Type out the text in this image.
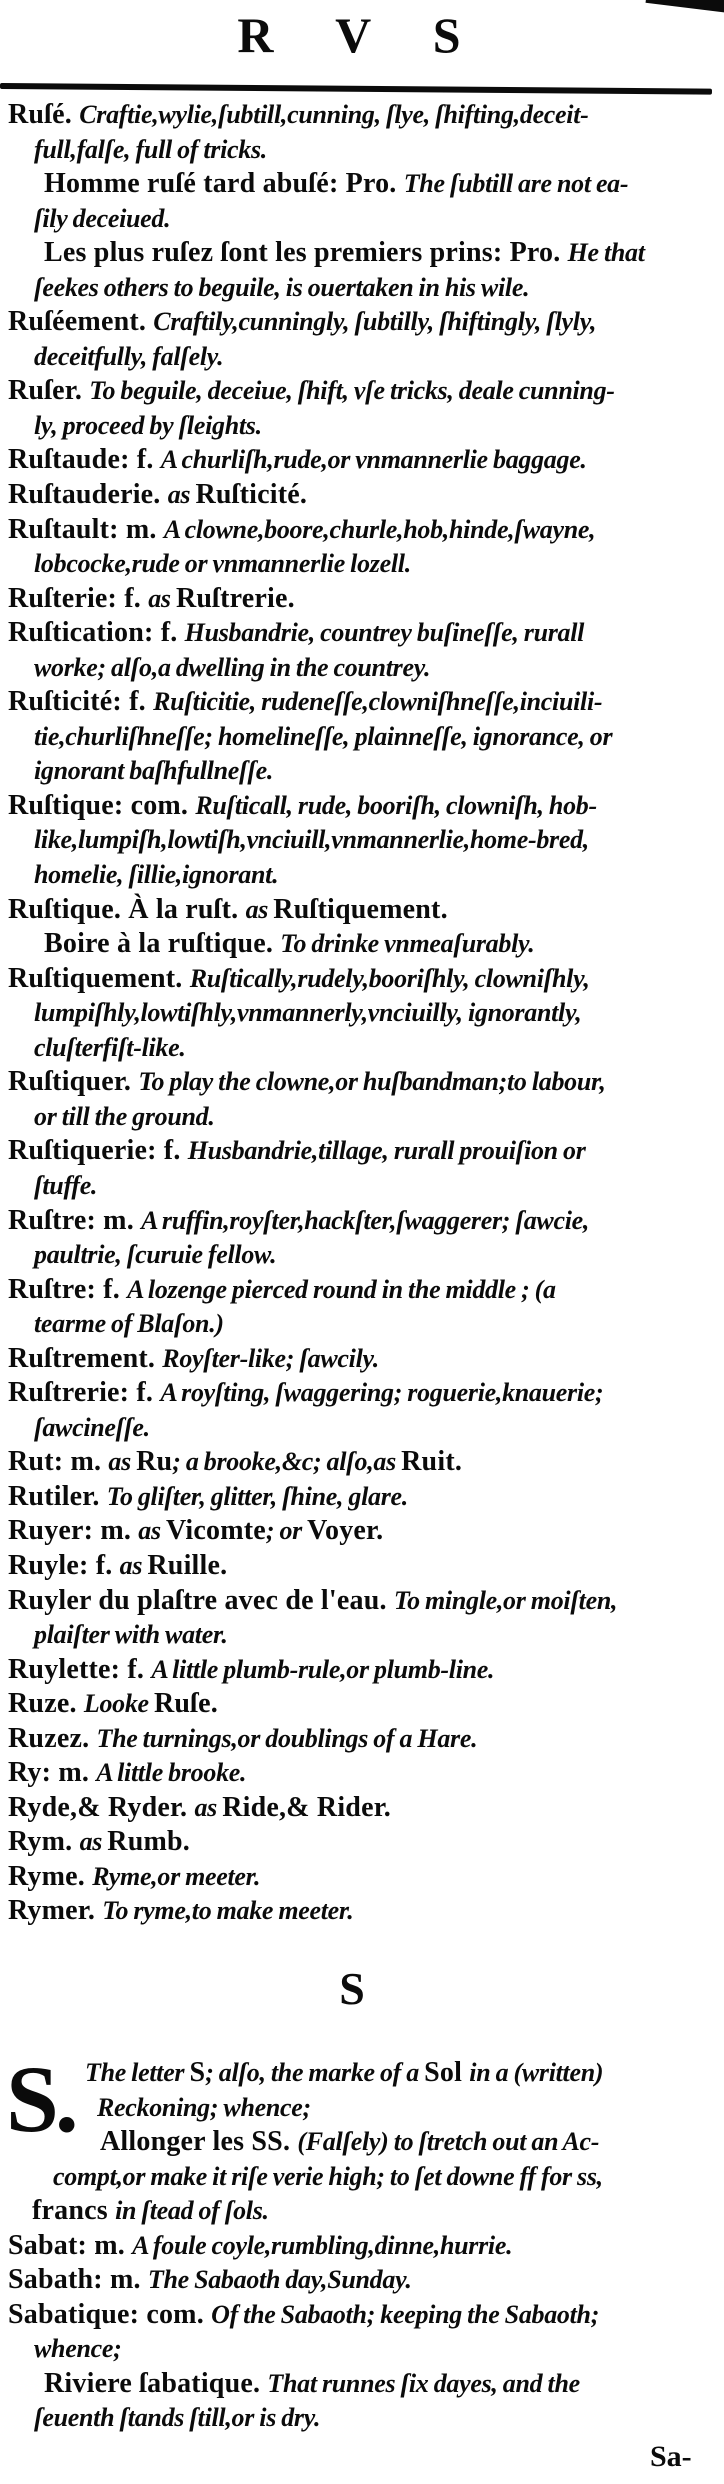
R V S
Ruſé. Craftie,wylie,ſubtill,cunning, ſlye, ſhifting,deceit-
full,falſe, full of tricks.
Homme ruſé tard abuſé: Pro. The ſubtill are not ea-
ſily deceiued.
Les plus ruſez ſont les premiers prins: Pro. He that
ſeekes others to beguile, is ouertaken in his wile.
Ruſéement. Craftily,cunningly, ſubtilly, ſhiftingly, ſlyly,
deceitfully, falſely.
Ruſer. To beguile, deceiue, ſhift, vſe tricks, deale cunning-
ly, proceed by ſleights.
Ruſtaude: f. A churliſh,rude,or vnmannerlie baggage.
Ruſtauderie. as Ruſticité.
Ruſtault: m. A clowne,boore,churle,hob,hinde,ſwayne,
lobcocke,rude or vnmannerlie lozell.
Ruſterie: f. as Ruſtrerie.
Ruſtication: f. Husbandrie, countrey buſineſſe, rurall
worke; alſo,a dwelling in the countrey.
Ruſticité: f. Ruſticitie, rudeneſſe,clowniſhneſſe,inciuili-
tie,churliſhneſſe; homelineſſe, plainneſſe, ignorance, or
ignorant baſhfullneſſe.
Ruſtique: com. Ruſticall, rude, booriſh, clowniſh, hob-
like,lumpiſh,lowtiſh,vnciuill,vnmannerlie,home-bred,
homelie, ſillie,ignorant.
Ruſtique. À la ruſt. as Ruſtiquement.
Boire à la ruſtique. To drinke vnmeaſurably.
Ruſtiquement. Ruſtically,rudely,booriſhly, clowniſhly,
lumpiſhly,lowtiſhly,vnmannerly,vnciuilly, ignorantly,
cluſterfiſt-like.
Ruſtiquer. To play the clowne,or huſbandman;to labour,
or till the ground.
Ruſtiquerie: f. Husbandrie,tillage, rurall prouiſion or
ſtuffe.
Ruſtre: m. A ruffin,royſter,hackſter,ſwaggerer; ſawcie,
paultrie, ſcuruie fellow.
Ruſtre: f. A lozenge pierced round in the middle ; (a
tearme of Blaſon.)
Ruſtrement. Royſter-like; ſawcily.
Ruſtrerie: f. A royſting, ſwaggering; roguerie,knauerie;
ſawcineſſe.
Rut: m. as Ru; a brooke,&c; alſo,as Ruit.
Rutiler. To gliſter, glitter, ſhine, glare.
Ruyer: m. as Vicomte; or Voyer.
Ruyle: f. as Ruille.
Ruyler du plaſtre avec de l'eau. To mingle,or moiſten,
plaiſter with water.
Ruylette: f. A little plumb-rule,or plumb-line.
Ruze. Looke Ruſe.
Ruzez. The turnings,or doublings of a Hare.
Ry: m. A little brooke.
Ryde,& Ryder. as Ride,& Rider.
Rym. as Rumb.
Ryme. Ryme,or meeter.
Rymer. To ryme,to make meeter.
S
S. The letter S; alſo, the marke of a Sol in a (written)
Reckoning; whence;
Allonger les SS. (Falſely) to ſtretch out an Ac-
compt,or make it riſe verie high; to ſet downe ff for ss,
francs in ſtead of ſols.
Sabat: m. A foule coyle,rumbling,dinne,hurrie.
Sabath: m. The Sabaoth day,Sunday.
Sabatique: com. Of the Sabaoth; keeping the Sabaoth;
whence;
Riviere ſabatique. That runnes ſix dayes, and the
ſeuenth ſtands ſtill,or is dry.
Sa-
